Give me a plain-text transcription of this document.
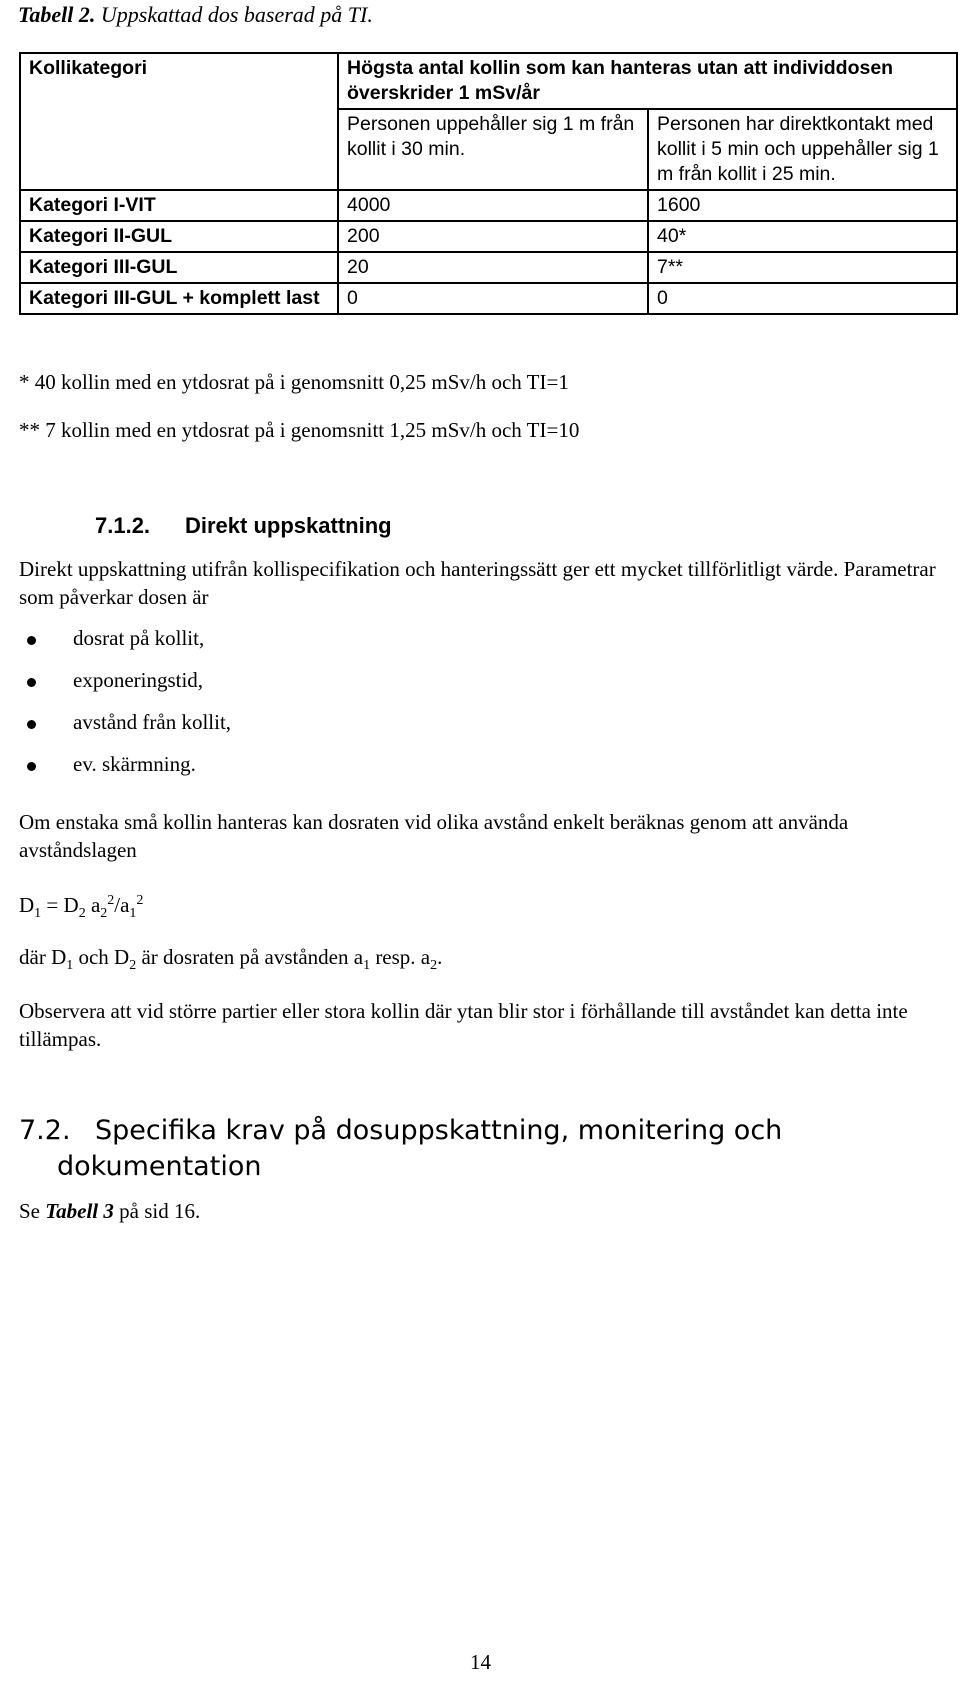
Tabell 2. Uppskattad dos baserad på TI.
Kollikategori	Högsta antal kollin som kan hanteras utan att individdosen överskrider 1 mSv/år	
	Personen uppehåller sig 1 m från kollit i 30 min.	Personen har direktkontakt med kollit i 5 min och uppehåller sig 1 m från kollit i 25 min.
Kategori I-VIT	4000	1600
Kategori II-GUL	200	40*
Kategori III-GUL	20	7**
Kategori III-GUL + komplett last	0	0
* 40 kollin med en ytdosrat på i genomsnitt 0,25 mSv/h och TI=1
** 7 kollin med en ytdosrat på i genomsnitt 1,25 mSv/h och TI=10
7.1.2. Direkt uppskattning
Direkt uppskattning utifrån kollispecifikation och hanteringssätt ger ett mycket tillförlitligt värde. Parametrar som påverkar dosen är
dosrat på kollit,
exponeringstid,
avstånd från kollit,
ev. skärmning.
Om enstaka små kollin hanteras kan dosraten vid olika avstånd enkelt beräknas genom att använda avståndslagen
$D_1 = D_2$ $a_2^2/a_1^2$
där $D_1$ och $D_2$ är dosraten på avstånden $a_1$ resp. $a_2$.
Observera att vid större partier eller stora kollin där ytan blir stor i förhållande till avståndet kan detta inte tillämpas.
7.2. Specifika krav på dosuppskattning, monitering och
dokumentation
Se Tabell 3 på sid 16.
14
